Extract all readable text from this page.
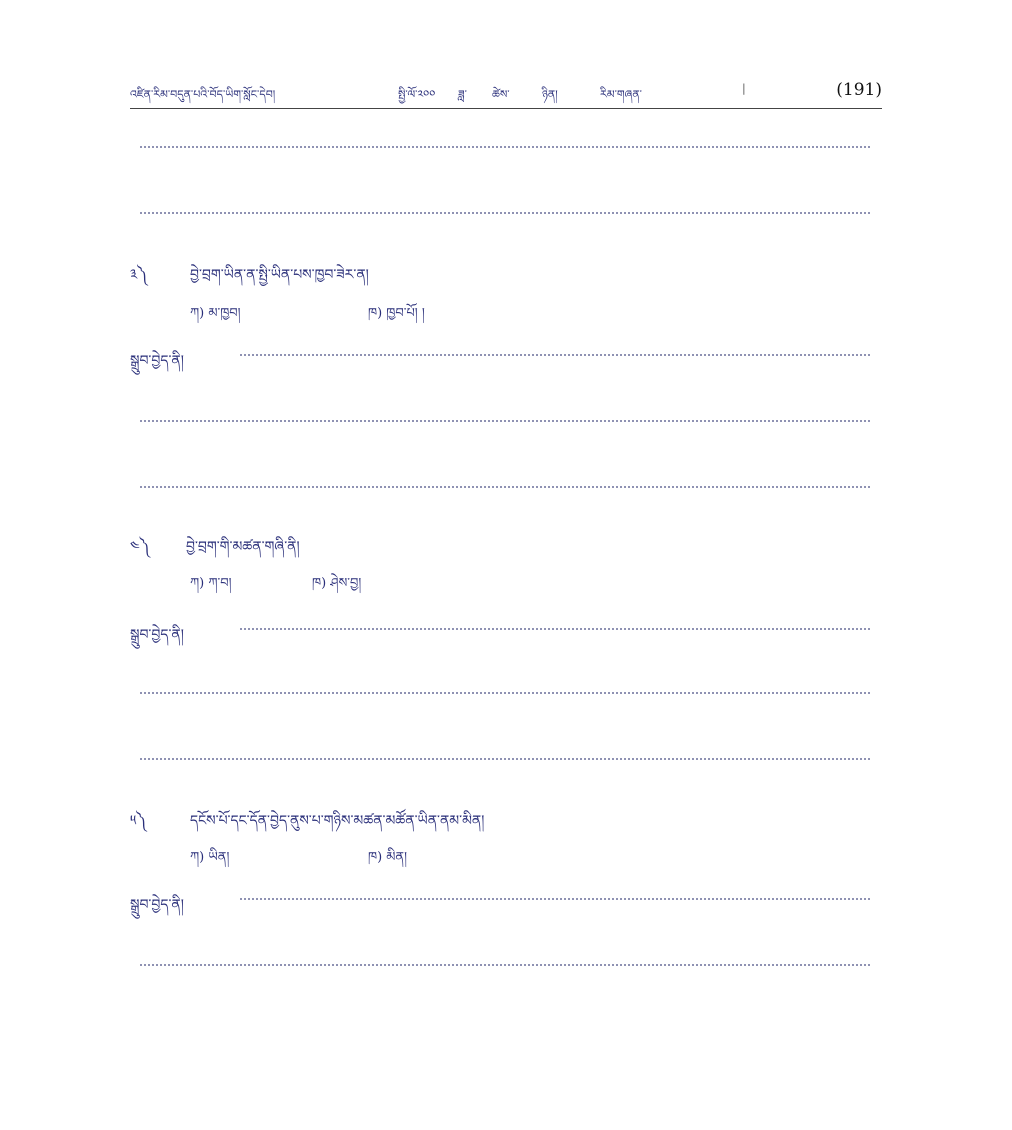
འཛིན་རིམ་བདུན་པའི་བོད་ཡིག་སློང་དེབ།	སྤྱི་ལོ་༢༠༠ ཟླ་ ཚེས་	ཉིན།	རིམ་གཞན་	|	(191)
༣༽	བྱེ་བྲག་ཡིན་ན་སྤྱི་ཡིན་པས་ཁྱབ་ཟེར་ན།
ཀ) མ་ཁྱབ།	ཁ) ཁྱབ་པོ། །
སྒྲུབ་བྱེད་ནི།
༤༽	བྱེ་བྲག་གི་མཚན་གཞི་ནི།
ཀ) ཀ་བ།	ཁ) ཤེས་བྱ།
སྒྲུབ་བྱེད་ནི།
༥༽	དངོས་པོ་དང་དོན་བྱེད་ནུས་པ་གཉིས་མཚན་མཚོན་ཡིན་ནམ་མིན།
ཀ) ཡིན།	ཁ) མིན།
སྒྲུབ་བྱེད་ནི།
